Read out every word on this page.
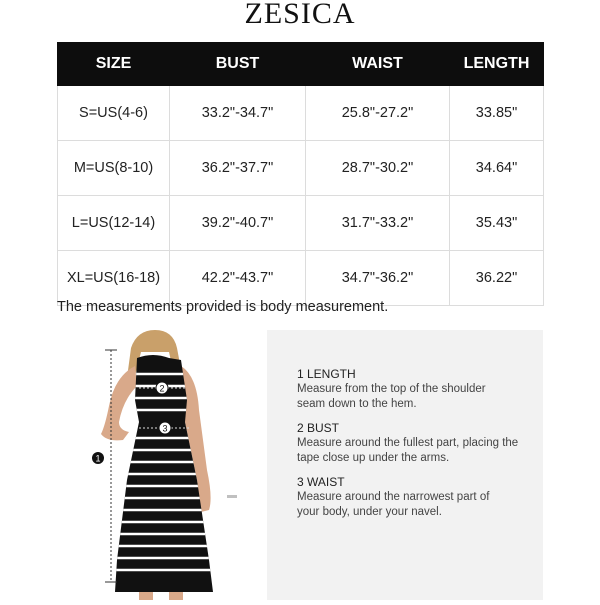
ZESICA
SIZE	BUST	WAIST	LENGTH
S=US(4-6)	33.2"-34.7"	25.8"-27.2"	33.85"
M=US(8-10)	36.2"-37.7"	28.7"-30.2"	34.64"
L=US(12-14)	39.2"-40.7"	31.7"-33.2"	35.43"
XL=US(16-18)	42.2"-43.7"	34.7"-36.2"	36.22"
The measurements provided is body measurement.
1
2
3
1 LENGTH
Measure from the top of the shoulder seam down to the hem.
2 BUST
Measure around the fullest part, placing the tape close up under the arms.
3 WAIST
Measure around the narrowest part of your body, under your navel.
